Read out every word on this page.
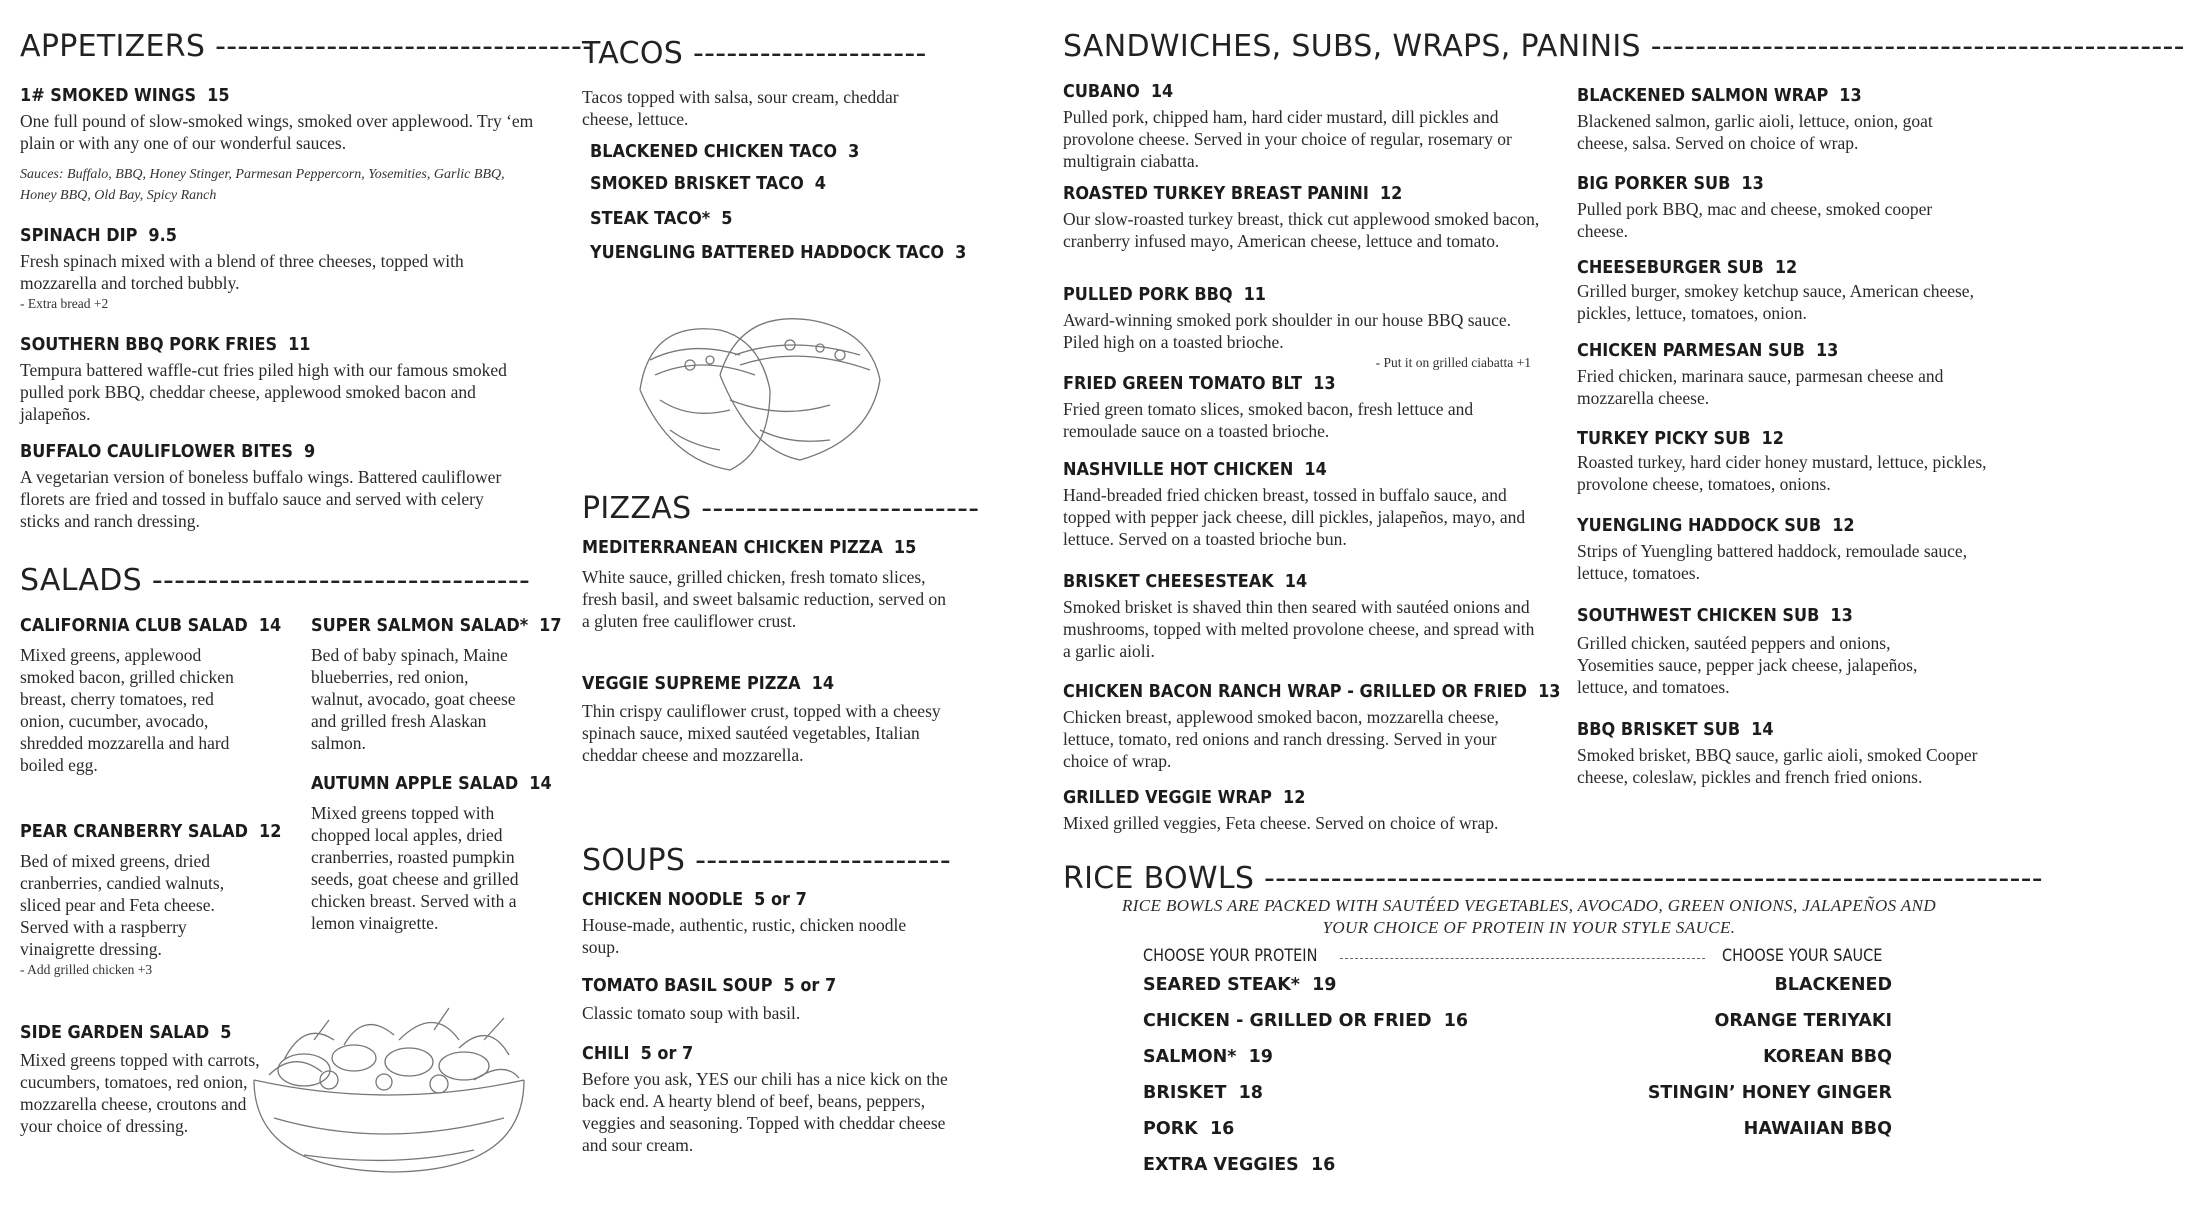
APPETIZERS ----------------------------------
1# SMOKED WINGS 15
One full pound of slow-smoked wings, smoked over applewood. Try ‘em plain or with any one of our wonderful sauces.
Sauces: Buffalo, BBQ, Honey Stinger, Parmesan Peppercorn, Yosemities, Garlic BBQ, Honey BBQ, Old Bay, Spicy Ranch
SPINACH DIP 9.5
Fresh spinach mixed with a blend of three cheeses, topped with mozzarella and torched bubbly.
- Extra bread +2
SOUTHERN BBQ PORK FRIES 11
Tempura battered waffle-cut fries piled high with our famous smoked pulled pork BBQ, cheddar cheese, applewood smoked bacon and jalapeños.
BUFFALO CAULIFLOWER BITES 9
A vegetarian version of boneless buffalo wings. Battered cauliflower florets are fried and tossed in buffalo sauce and served with celery sticks and ranch dressing.
SALADS ----------------------------------
CALIFORNIA CLUB SALAD 14
Mixed greens, applewood smoked bacon, grilled chicken breast, cherry tomatoes, red onion, cucumber, avocado, shredded mozzarella and hard boiled egg.
PEAR CRANBERRY SALAD 12
Bed of mixed greens, dried cranberries, candied walnuts, sliced pear and Feta cheese. Served with a raspberry vinaigrette dressing.
- Add grilled chicken +3
SIDE GARDEN SALAD 5
Mixed greens topped with carrots, cucumbers, tomatoes, red onion, mozzarella cheese, croutons and your choice of dressing.
SUPER SALMON SALAD* 17
Bed of baby spinach, Maine blueberries, red onion, walnut, avocado, goat cheese and grilled fresh Alaskan salmon.
AUTUMN APPLE SALAD 14
Mixed greens topped with chopped local apples, dried cranberries, roasted pumpkin seeds, goat cheese and grilled chicken breast. Served with a lemon vinaigrette.
TACOS ---------------------
Tacos topped with salsa, sour cream, cheddar cheese, lettuce.
BLACKENED CHICKEN TACO 3
SMOKED BRISKET TACO 4
STEAK TACO* 5
YUENGLING BATTERED HADDOCK TACO 3
PIZZAS -------------------------
MEDITERRANEAN CHICKEN PIZZA 15
White sauce, grilled chicken, fresh tomato slices, fresh basil, and sweet balsamic reduction, served on a gluten free cauliflower crust.
VEGGIE SUPREME PIZZA 14
Thin crispy cauliflower crust, topped with a cheesy spinach sauce, mixed sautéed vegetables, Italian cheddar cheese and mozzarella.
SOUPS -----------------------
CHICKEN NOODLE 5 or 7
House-made, authentic, rustic, chicken noodle soup.
TOMATO BASIL SOUP 5 or 7
Classic tomato soup with basil.
CHILI 5 or 7
Before you ask, YES our chili has a nice kick on the back end. A hearty blend of beef, beans, peppers, veggies and seasoning. Topped with cheddar cheese and sour cream.
SANDWICHES, SUBS, WRAPS, PANINIS ------------------------------------------------
CUBANO 14
Pulled pork, chipped ham, hard cider mustard, dill pickles and provolone cheese. Served in your choice of regular, rosemary or multigrain ciabatta.
ROASTED TURKEY BREAST PANINI 12
Our slow-roasted turkey breast, thick cut applewood smoked bacon, cranberry infused mayo, American cheese, lettuce and tomato.
PULLED PORK BBQ 11
Award-winning smoked pork shoulder in our house BBQ sauce. Piled high on a toasted brioche.
- Put it on grilled ciabatta +1
FRIED GREEN TOMATO BLT 13
Fried green tomato slices, smoked bacon, fresh lettuce and remoulade sauce on a toasted brioche.
NASHVILLE HOT CHICKEN 14
Hand-breaded fried chicken breast, tossed in buffalo sauce, and topped with pepper jack cheese, dill pickles, jalapeños, mayo, and lettuce. Served on a toasted brioche bun.
BRISKET CHEESESTEAK 14
Smoked brisket is shaved thin then seared with sautéed onions and mushrooms, topped with melted provolone cheese, and spread with a garlic aioli.
CHICKEN BACON RANCH WRAP - GRILLED OR FRIED 13
Chicken breast, applewood smoked bacon, mozzarella cheese, lettuce, tomato, red onions and ranch dressing. Served in your choice of wrap.
GRILLED VEGGIE WRAP 12
Mixed grilled veggies, Feta cheese. Served on choice of wrap.
BLACKENED SALMON WRAP 13
Blackened salmon, garlic aioli, lettuce, onion, goat cheese, salsa. Served on choice of wrap.
BIG PORKER SUB 13
Pulled pork BBQ, mac and cheese, smoked cooper cheese.
CHEESEBURGER SUB 12
Grilled burger, smokey ketchup sauce, American cheese, pickles, lettuce, tomatoes, onion.
CHICKEN PARMESAN SUB 13
Fried chicken, marinara sauce, parmesan cheese and mozzarella cheese.
TURKEY PICKY SUB 12
Roasted turkey, hard cider honey mustard, lettuce, pickles, provolone cheese, tomatoes, onions.
YUENGLING HADDOCK SUB 12
Strips of Yuengling battered haddock, remoulade sauce, lettuce, tomatoes.
SOUTHWEST CHICKEN SUB 13
Grilled chicken, sautéed peppers and onions, Yosemities sauce, pepper jack cheese, jalapeños, lettuce, and tomatoes.
BBQ BRISKET SUB 14
Smoked brisket, BBQ sauce, garlic aioli, smoked Cooper cheese, coleslaw, pickles and french fried onions.
RICE BOWLS ----------------------------------------------------------------------
RICE BOWLS ARE PACKED WITH SAUTÉED VEGETABLES, AVOCADO, GREEN ONIONS, JALAPEÑOS AND
YOUR CHOICE OF PROTEIN IN YOUR STYLE SAUCE.
CHOOSE YOUR PROTEIN	CHOOSE YOUR SAUCE
SEARED STEAK* 19
CHICKEN - GRILLED OR FRIED 16
SALMON* 19
BRISKET 18
PORK 16
EXTRA VEGGIES 16
BLACKENED
ORANGE TERIYAKI
KOREAN BBQ
STINGIN’ HONEY GINGER
HAWAIIAN BBQ
